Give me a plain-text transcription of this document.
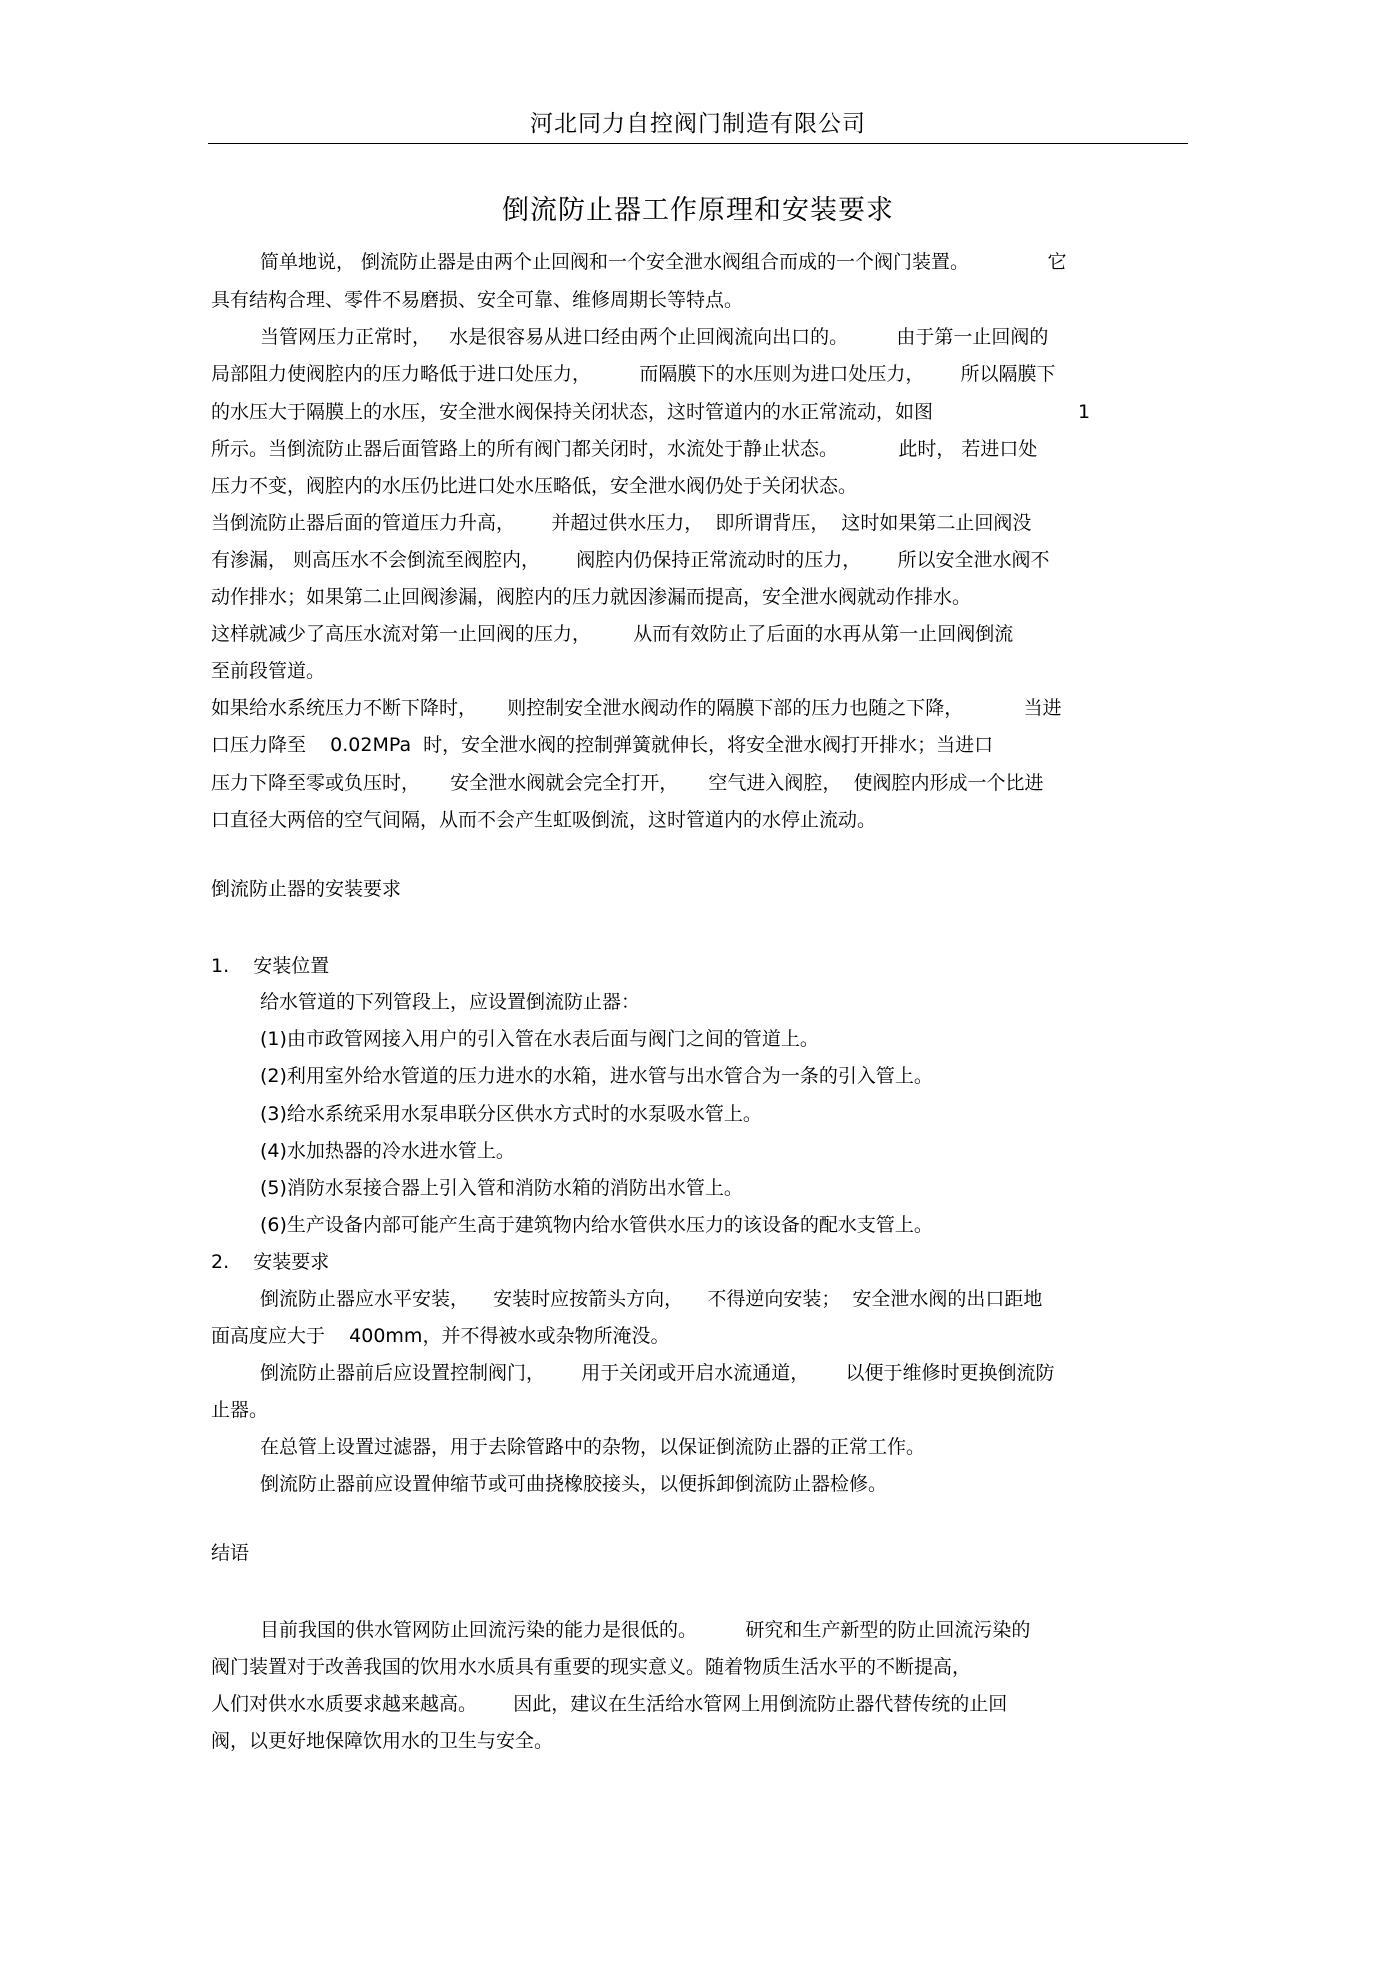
河北同力自控阀门制造有限公司
倒流防止器工作原理和安装要求
简单地说， 倒流防止器是由两个止回阀和一个安全泄水阀组合而成的一个阀门装置。             它
具有结构合理、零件不易磨损、安全可靠、维修周期长等特点。
当管网压力正常时，   水是很容易从进口经由两个止回阀流向出口的。        由于第一止回阀的
局部阻力使阀腔内的压力略低于进口处压力，        而隔膜下的水压则为进口处压力，      所以隔膜下
的水压大于隔膜上的水压，安全泄水阀保持关闭状态，这时管道内的水正常流动，如图                        1
所示。当倒流防止器后面管路上的所有阀门都关闭时，水流处于静止状态。          此时， 若进口处
压力不变，阀腔内的水压仍比进口处水压略低，安全泄水阀仍处于关闭状态。
当倒流防止器后面的管道压力升高，      并超过供水压力，  即所谓背压，  这时如果第二止回阀没
有渗漏， 则高压水不会倒流至阀腔内，      阀腔内仍保持正常流动时的压力，      所以安全泄水阀不
动作排水；如果第二止回阀渗漏，阀腔内的压力就因渗漏而提高，安全泄水阀就动作排水。
这样就减少了高压水流对第一止回阀的压力，       从而有效防止了后面的水再从第一止回阀倒流
至前段管道。
如果给水系统压力不断下降时，     则控制安全泄水阀动作的隔膜下部的压力也随之下降，          当进
口压力降至    0.02MPa  时，安全泄水阀的控制弹簧就伸长，将安全泄水阀打开排水；当进口
压力下降至零或负压时，     安全泄水阀就会完全打开，     空气进入阀腔，  使阀腔内形成一个比进
口直径大两倍的空气间隔，从而不会产生虹吸倒流，这时管道内的水停止流动。
倒流防止器的安装要求
1.    安装位置
给水管道的下列管段上，应设置倒流防止器：
(1)由市政管网接入用户的引入管在水表后面与阀门之间的管道上。
(2)利用室外给水管道的压力进水的水箱，进水管与出水管合为一条的引入管上。
(3)给水系统采用水泵串联分区供水方式时的水泵吸水管上。
(4)水加热器的冷水进水管上。
(5)消防水泵接合器上引入管和消防水箱的消防出水管上。
(6)生产设备内部可能产生高于建筑物内给水管供水压力的该设备的配水支管上。
2.    安装要求
倒流防止器应水平安装，    安装时应按箭头方向，    不得逆向安装；  安全泄水阀的出口距地
面高度应大于    400mm，并不得被水或杂物所淹没。
倒流防止器前后应设置控制阀门，      用于关闭或开启水流通道，      以便于维修时更换倒流防
止器。
在总管上设置过滤器，用于去除管路中的杂物，以保证倒流防止器的正常工作。
倒流防止器前应设置伸缩节或可曲挠橡胶接头，以便拆卸倒流防止器检修。
结语
目前我国的供水管网防止回流污染的能力是很低的。        研究和生产新型的防止回流污染的
阀门装置对于改善我国的饮用水水质具有重要的现实意义。随着物质生活水平的不断提高，
人们对供水水质要求越来越高。      因此，建议在生活给水管网上用倒流防止器代替传统的止回
阀，以更好地保障饮用水的卫生与安全。
